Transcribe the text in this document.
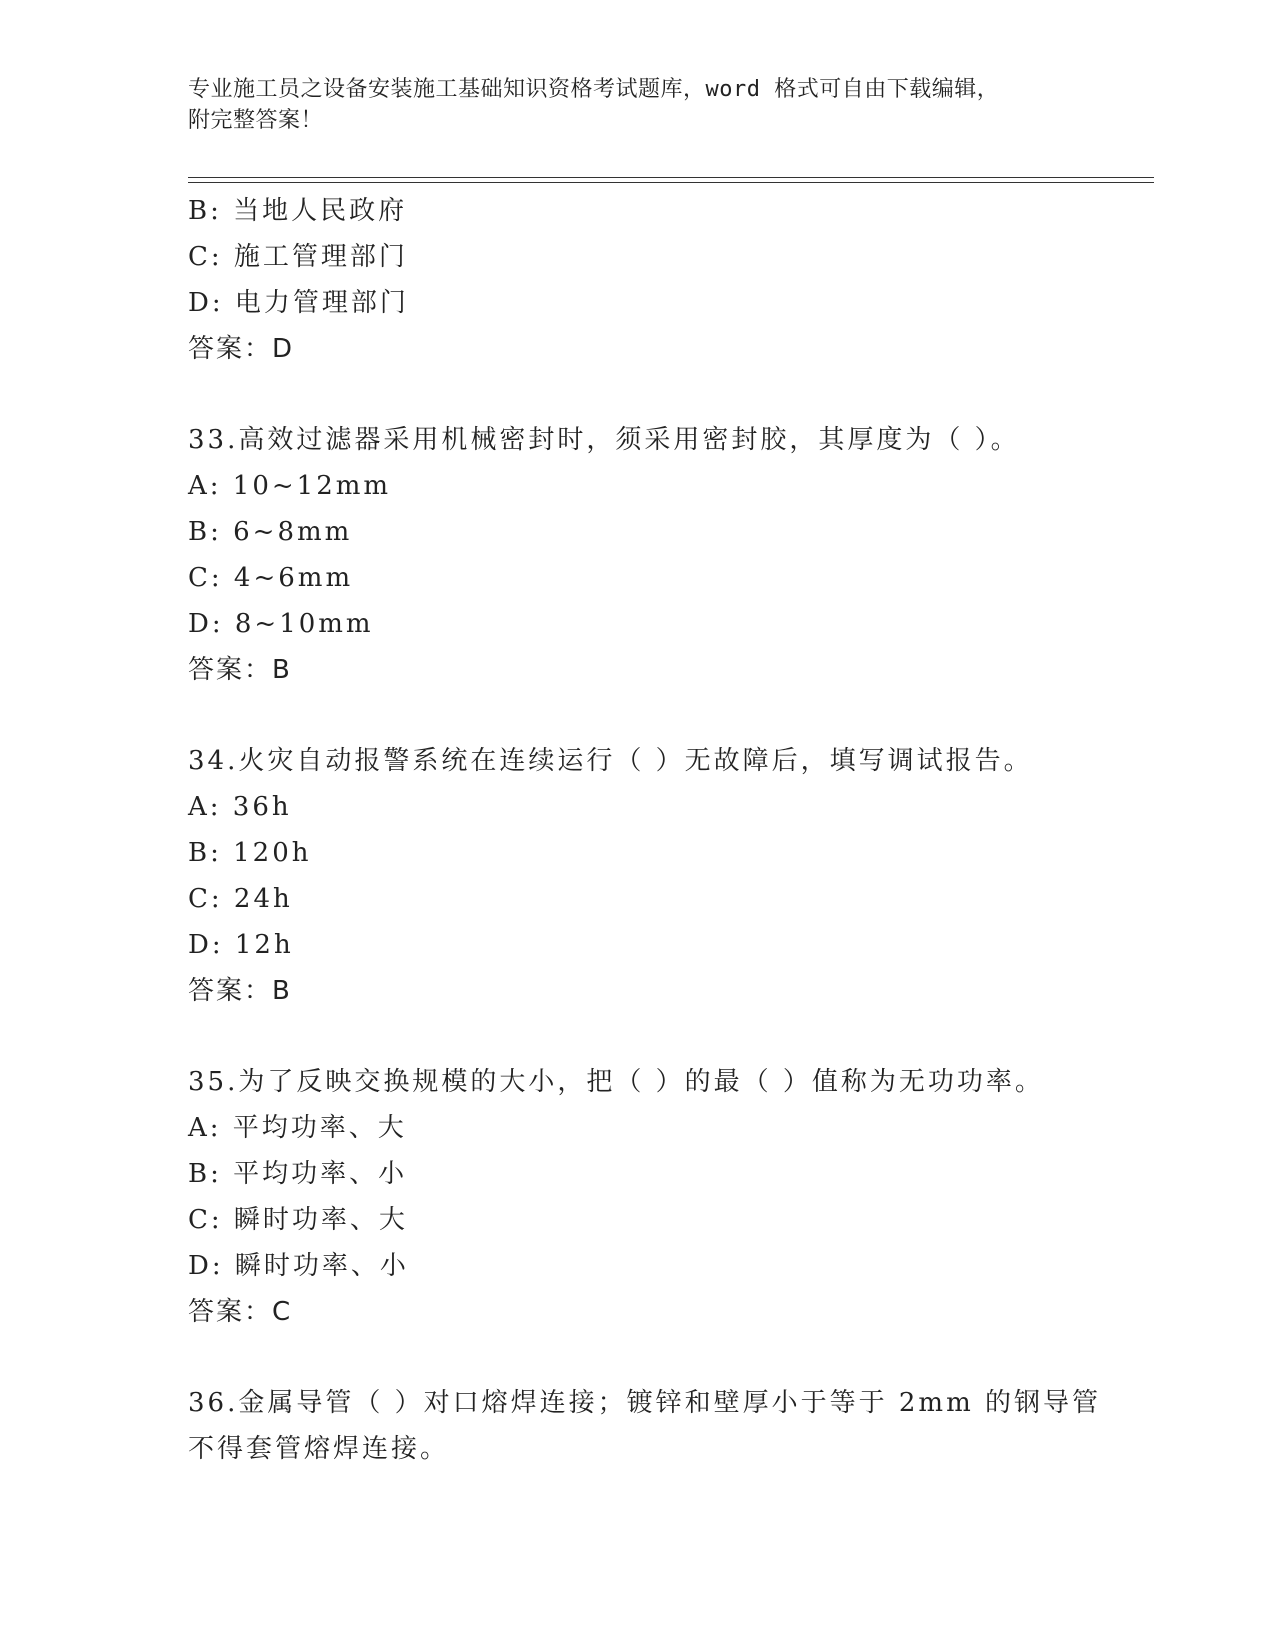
专业施工员之设备安装施工基础知识资格考试题库，word 格式可自由下载编辑，
附完整答案！
B: 当地人民政府
C: 施工管理部门
D: 电力管理部门
答案：D
33.高效过滤器采用机械密封时，须采用密封胶，其厚度为（ ）。
A: 10~12mm
B: 6~8mm
C: 4~6mm
D: 8~10mm
答案：B
34.火灾自动报警系统在连续运行（ ）无故障后，填写调试报告。
A: 36h
B: 120h
C: 24h
D: 12h
答案：B
35.为了反映交换规模的大小，把（ ）的最（ ）值称为无功功率。
A: 平均功率、大
B: 平均功率、小
C: 瞬时功率、大
D: 瞬时功率、小
答案：C
36.金属导管（ ）对口熔焊连接；镀锌和壁厚小于等于 2mm 的钢导管
不得套管熔焊连接。
